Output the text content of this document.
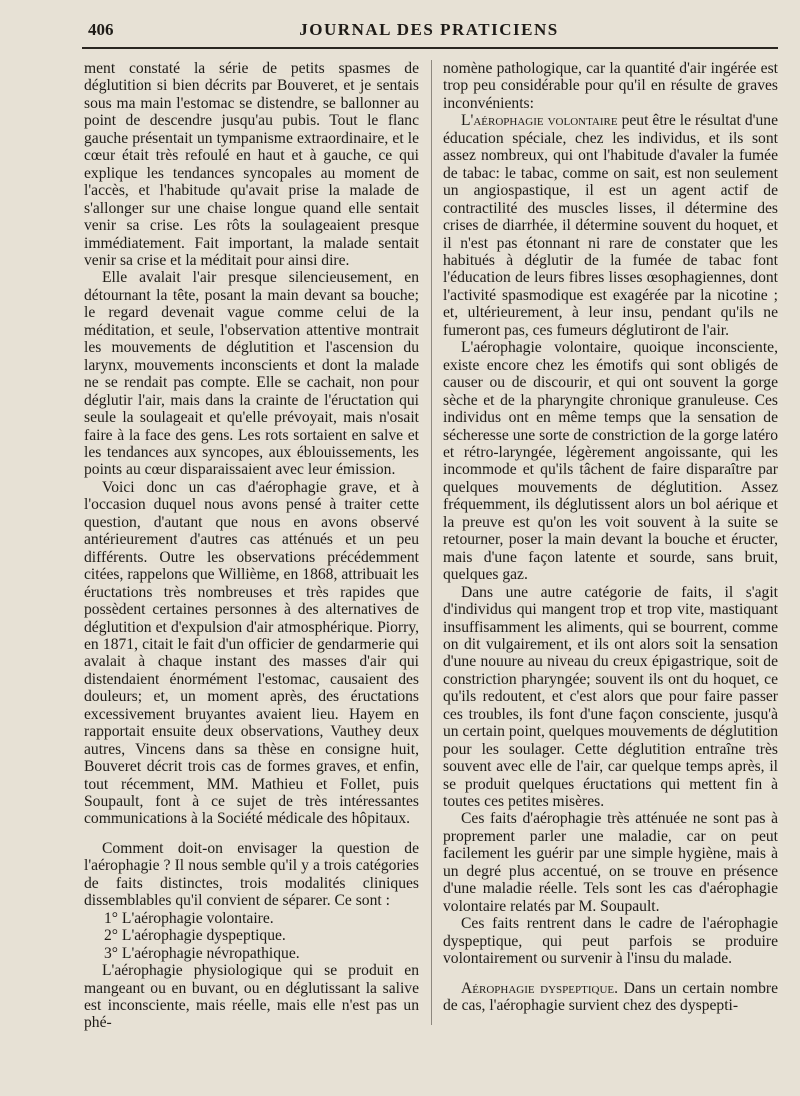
406	JOURNAL DES PRATICIENS

ment constaté la série de petits spasmes de déglutition si bien décrits par Bouveret, et je sentais sous ma main l'estomac se distendre, se ballonner au point de descendre jusqu'au pubis. Tout le flanc gauche présentait un tympanisme extraordinaire, et le cœur était très refoulé en haut et à gauche, ce qui explique les tendances syncopales au moment de l'accès, et l'habitude qu'avait prise la malade de s'allonger sur une chaise longue quand elle sentait venir sa crise. Les rôts la soulageaient presque immédiatement. Fait important, la malade sentait venir sa crise et la méditait pour ainsi dire.

Elle avalait l'air presque silencieusement, en détournant la tête, posant la main devant sa bouche; le regard devenait vague comme celui de la méditation, et seule, l'observation attentive montrait les mouvements de déglutition et l'ascension du larynx, mouvements inconscients et dont la malade ne se rendait pas compte. Elle se cachait, non pour déglutir l'air, mais dans la crainte de l'éructation qui seule la soulageait et qu'elle prévoyait, mais n'osait faire à la face des gens. Les rots sortaient en salve et les tendances aux syncopes, aux éblouissements, les points au cœur disparaissaient avec leur émission.

Voici donc un cas d'aérophagie grave, et à l'occasion duquel nous avons pensé à traiter cette question, d'autant que nous en avons observé antérieurement d'autres cas atténués et un peu différents. Outre les observations précédemment citées, rappelons que Willième, en 1868, attribuait les éructations très nombreuses et très rapides que possèdent certaines personnes à des alternatives de déglutition et d'expulsion d'air atmosphérique. Piorry, en 1871, citait le fait d'un officier de gendarmerie qui avalait à chaque instant des masses d'air qui distendaient énormément l'estomac, causaient des douleurs; et, un moment après, des éructations excessivement bruyantes avaient lieu. Hayem en rapportait ensuite deux observations, Vauthey deux autres, Vincens dans sa thèse en consigne huit, Bouveret décrit trois cas de formes graves, et enfin, tout récemment, MM. Mathieu et Follet, puis Soupault, font à ce sujet de très intéressantes communications à la Société médicale des hôpitaux.

Comment doit-on envisager la question de l'aérophagie ? Il nous semble qu'il y a trois catégories de faits distinctes, trois modalités cliniques dissemblables qu'il convient de séparer. Ce sont :

1° L'aérophagie volontaire.

2° L'aérophagie dyspeptique.

3° L'aérophagie névropathique.

L'aérophagie physiologique qui se produit en mangeant ou en buvant, ou en déglutissant la salive est inconsciente, mais réelle, mais elle n'est pas un phé-

nomène pathologique, car la quantité d'air ingérée est trop peu considérable pour qu'il en résulte de graves inconvénients:

L'aérophagie volontaire peut être le résultat d'une éducation spéciale, chez les individus, et ils sont assez nombreux, qui ont l'habitude d'avaler la fumée de tabac: le tabac, comme on sait, est non seulement un angiospastique, il est un agent actif de contractilité des muscles lisses, il détermine des crises de diarrhée, il détermine souvent du hoquet, et il n'est pas étonnant ni rare de constater que les habitués à déglutir de la fumée de tabac font l'éducation de leurs fibres lisses œsophagiennes, dont l'activité spasmodique est exagérée par la nicotine ; et, ultérieurement, à leur insu, pendant qu'ils ne fumeront pas, ces fumeurs déglutiront de l'air.

L'aérophagie volontaire, quoique inconsciente, existe encore chez les émotifs qui sont obligés de causer ou de discourir, et qui ont souvent la gorge sèche et de la pharyngite chronique granuleuse. Ces individus ont en même temps que la sensation de sécheresse une sorte de constriction de la gorge latéro et rétro-laryngée, légèrement angoissante, qui les incommode et qu'ils tâchent de faire disparaître par quelques mouvements de déglutition. Assez fréquemment, ils déglutissent alors un bol aérique et la preuve est qu'on les voit souvent à la suite se retourner, poser la main devant la bouche et éructer, mais d'une façon latente et sourde, sans bruit, quelques gaz.

Dans une autre catégorie de faits, il s'agit d'individus qui mangent trop et trop vite, mastiquant insuffisamment les aliments, qui se bourrent, comme on dit vulgairement, et ils ont alors soit la sensation d'une nouure au niveau du creux épigastrique, soit de constriction pharyngée; souvent ils ont du hoquet, ce qu'ils redoutent, et c'est alors que pour faire passer ces troubles, ils font d'une façon consciente, jusqu'à un certain point, quelques mouvements de déglutition pour les soulager. Cette déglutition entraîne très souvent avec elle de l'air, car quelque temps après, il se produit quelques éructations qui mettent fin à toutes ces petites misères.

Ces faits d'aérophagie très atténuée ne sont pas à proprement parler une maladie, car on peut facilement les guérir par une simple hygiène, mais à un degré plus accentué, on se trouve en présence d'une maladie réelle. Tels sont les cas d'aérophagie volontaire relatés par M. Soupault.

Ces faits rentrent dans le cadre de l'aérophagie dyspeptique, qui peut parfois se produire volontairement ou survenir à l'insu du malade.

Aérophagie dyspeptique. Dans un certain nombre de cas, l'aérophagie survient chez des dyspepti-
